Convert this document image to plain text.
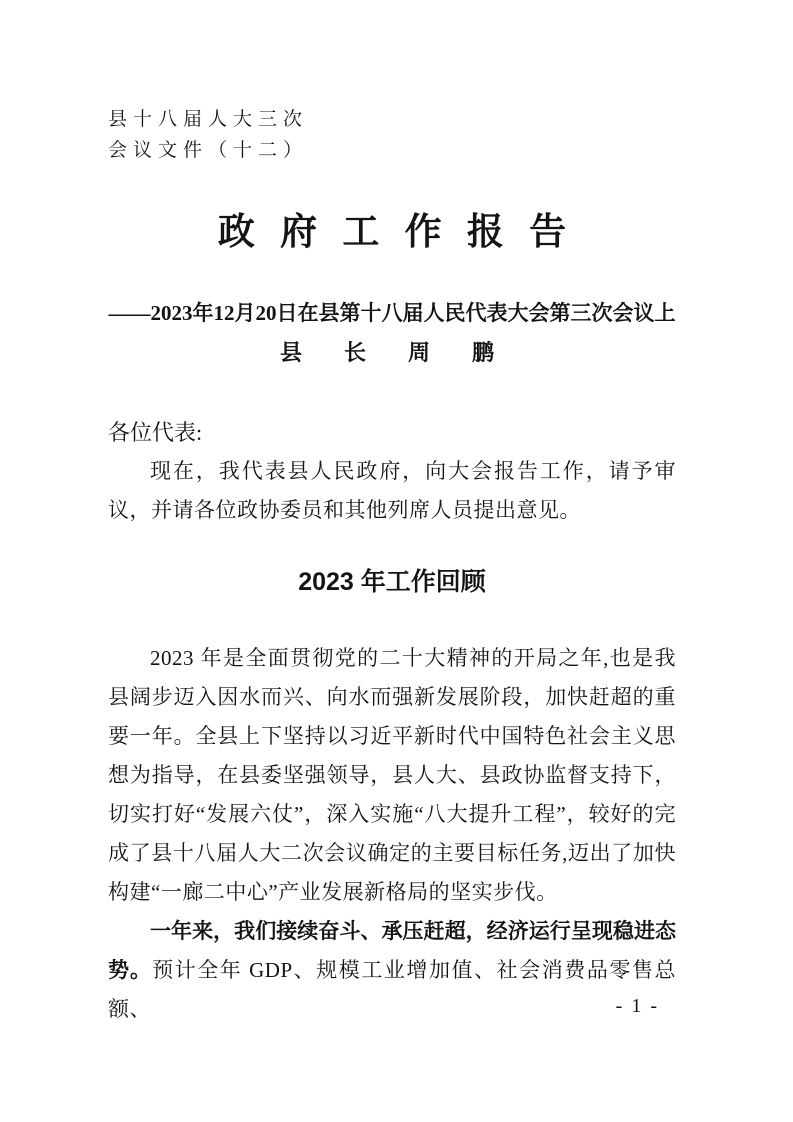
县十八届人大三次
会议文件（十二）
政 府 工 作 报 告
——2023年12月20日在县第十八届人民代表大会第三次会议上
县　长　周　鹏
各位代表:

现在，我代表县人民政府，向大会报告工作，请予审议，并请各位政协委员和其他列席人员提出意见。

2023 年工作回顾

2023 年是全面贯彻党的二十大精神的开局之年,也是我县阔步迈入因水而兴、向水而强新发展阶段，加快赶超的重要一年。全县上下坚持以习近平新时代中国特色社会主义思想为指导，在县委坚强领导，县人大、县政协监督支持下，切实打好“发展六仗”，深入实施“八大提升工程”，较好的完成了县十八届人大二次会议确定的主要目标任务,迈出了加快构建“一廊二中心”产业发展新格局的坚实步伐。

一年来，我们接续奋斗、承压赶超，经济运行呈现稳进态势。预计全年 GDP、规模工业增加值、社会消费品零售总额、	- 1 -
